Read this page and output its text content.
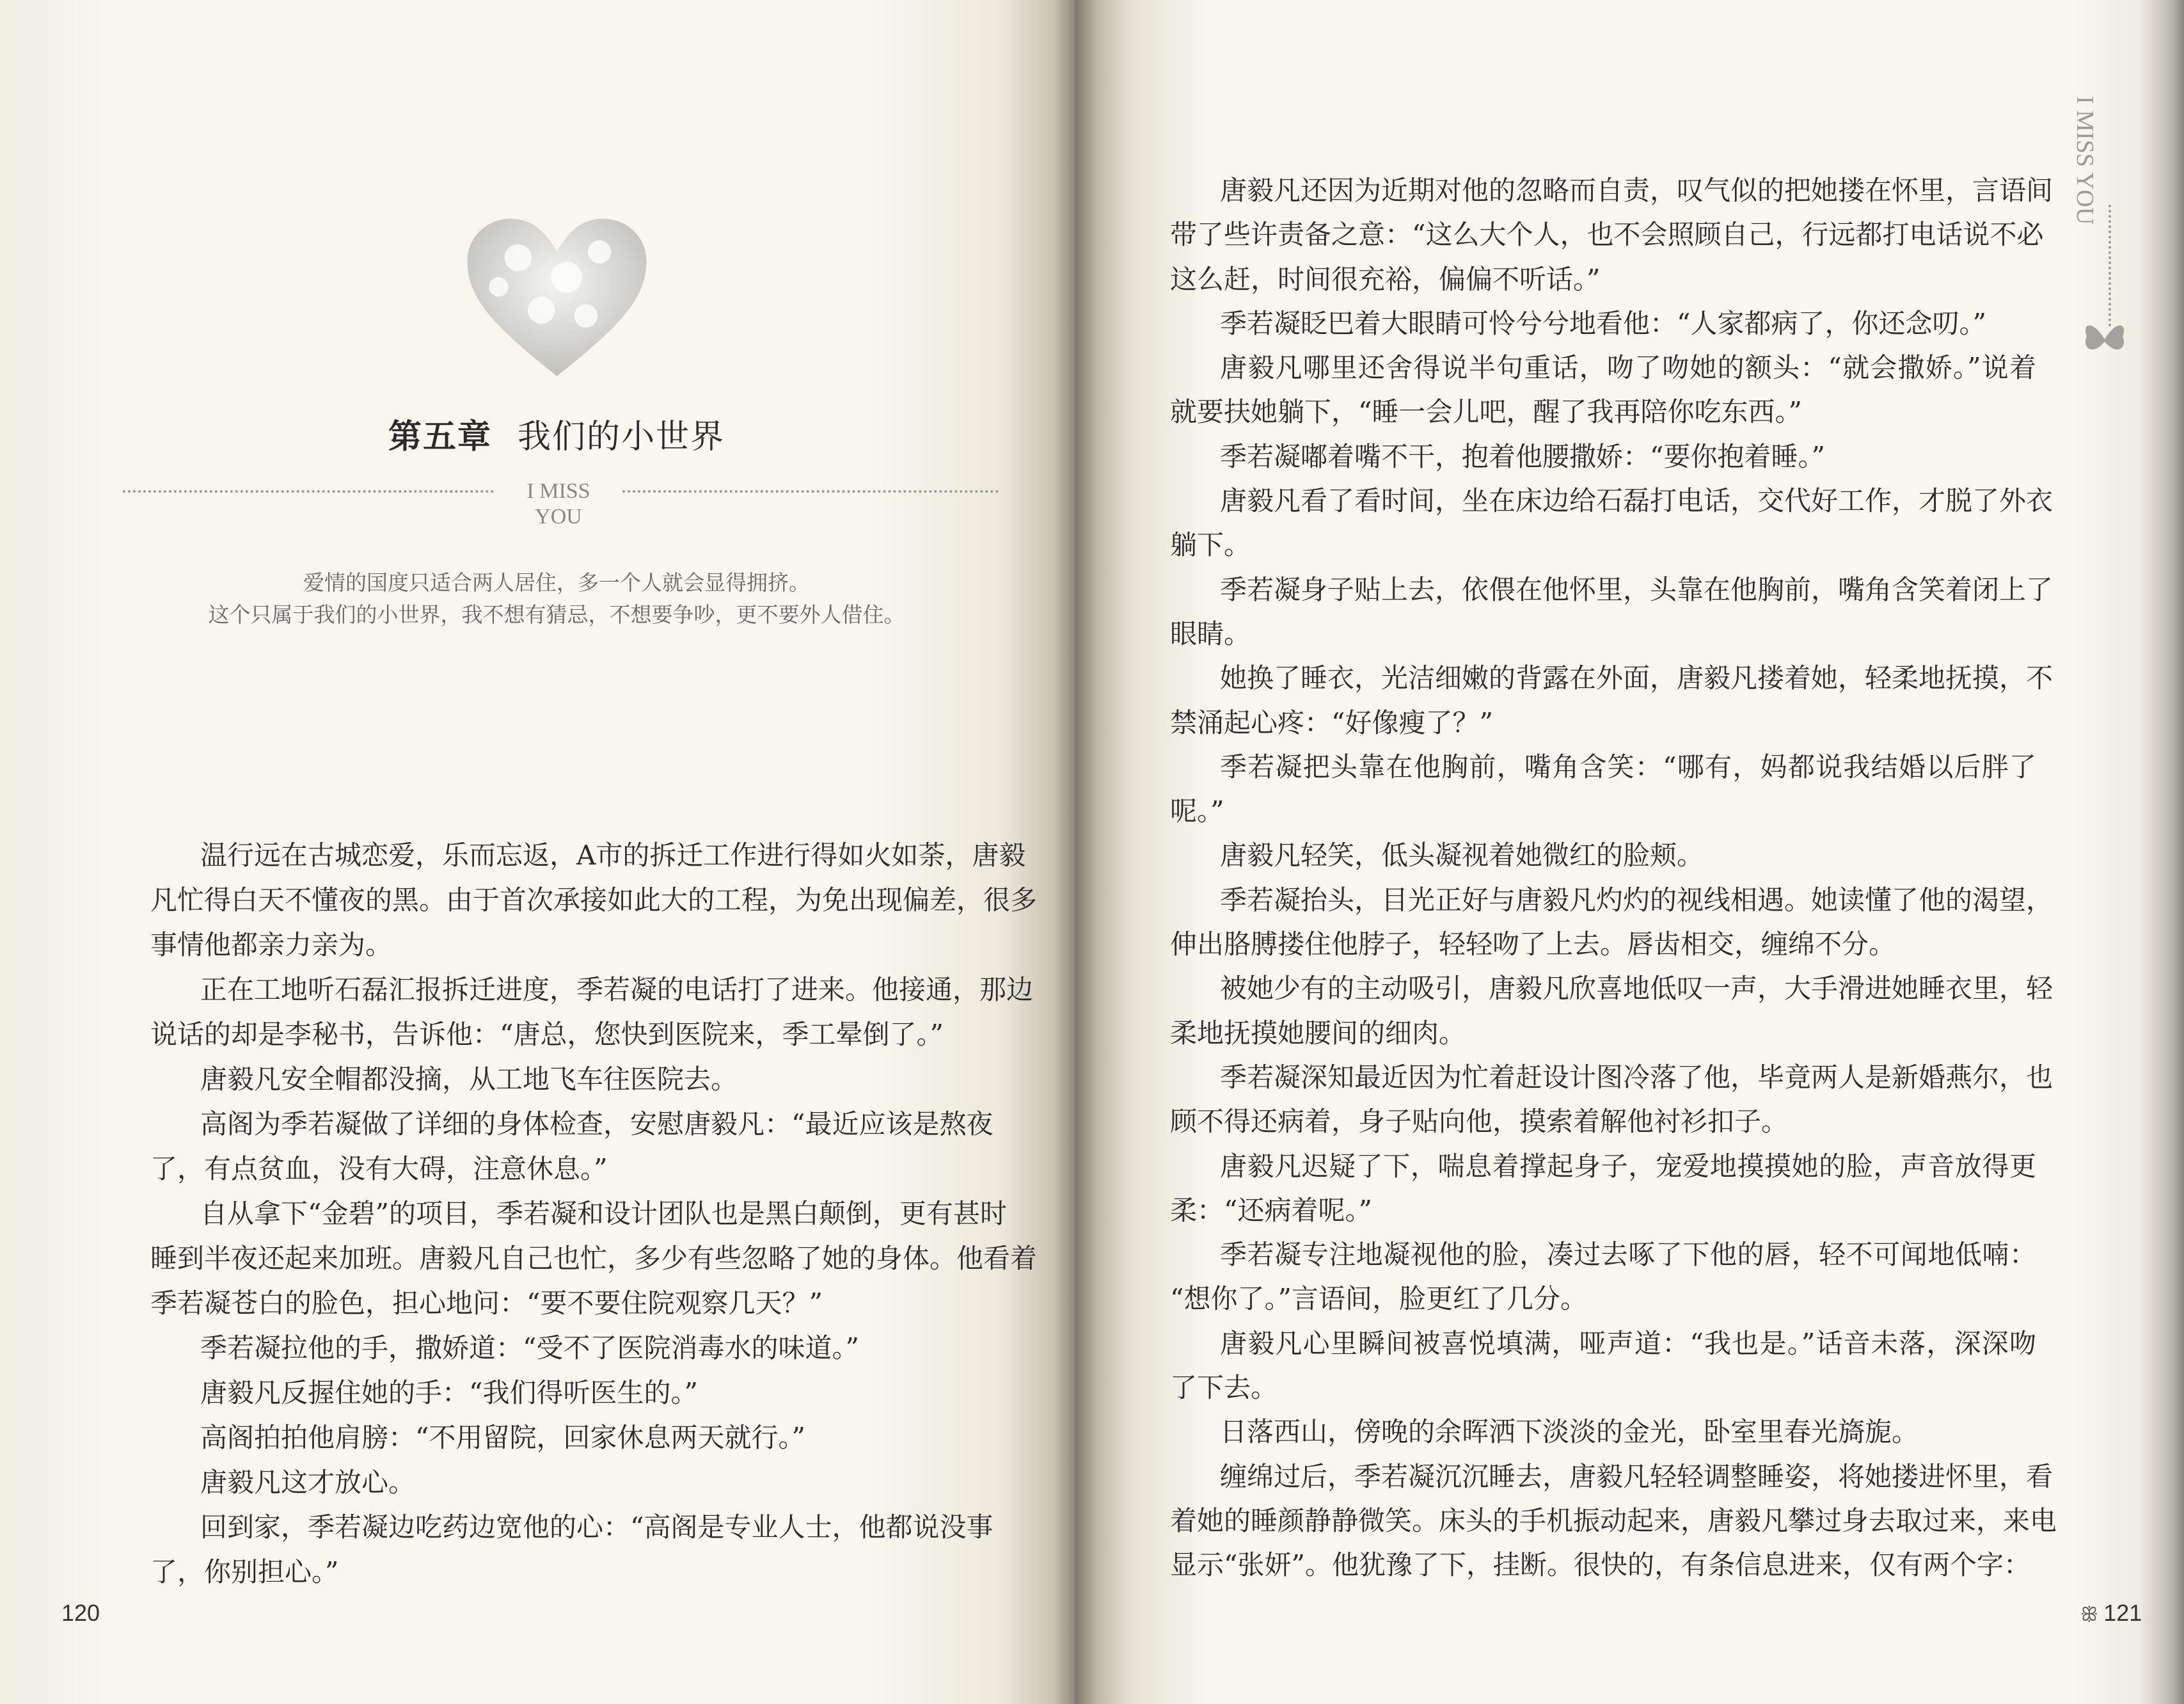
第五章 我们的小世界
I MISS
YOU
爱情的国度只适合两人居住，多一个人就会显得拥挤。
这个只属于我们的小世界，我不想有猜忌，不想要争吵，更不要外人借住。
温行远在古城恋爱，乐而忘返，A市的拆迁工作进行得如火如荼，唐毅
凡忙得白天不懂夜的黑。由于首次承接如此大的工程，为免出现偏差，很多
事情他都亲力亲为。
正在工地听石磊汇报拆迁进度，季若凝的电话打了进来。他接通，那边
说话的却是李秘书，告诉他：“唐总，您快到医院来，季工晕倒了。”
唐毅凡安全帽都没摘，从工地飞车往医院去。
高阁为季若凝做了详细的身体检查，安慰唐毅凡：“最近应该是熬夜
了，有点贫血，没有大碍，注意休息。”
自从拿下“金碧”的项目，季若凝和设计团队也是黑白颠倒，更有甚时
睡到半夜还起来加班。唐毅凡自己也忙，多少有些忽略了她的身体。他看着
季若凝苍白的脸色，担心地问：“要不要住院观察几天？”
季若凝拉他的手，撒娇道：“受不了医院消毒水的味道。”
唐毅凡反握住她的手：“我们得听医生的。”
高阁拍拍他肩膀：“不用留院，回家休息两天就行。”
唐毅凡这才放心。
回到家，季若凝边吃药边宽他的心：“高阁是专业人士，他都说没事
了，你别担心。”
唐毅凡还因为近期对他的忽略而自责，叹气似的把她搂在怀里，言语间
带了些许责备之意：“这么大个人，也不会照顾自己，行远都打电话说不必
这么赶，时间很充裕，偏偏不听话。”
季若凝眨巴着大眼睛可怜兮兮地看他：“人家都病了，你还念叨。”
唐毅凡哪里还舍得说半句重话，吻了吻她的额头：“就会撒娇。”说着
就要扶她躺下，“睡一会儿吧，醒了我再陪你吃东西。”
季若凝嘟着嘴不干，抱着他腰撒娇：“要你抱着睡。”
唐毅凡看了看时间，坐在床边给石磊打电话，交代好工作，才脱了外衣
躺下。
季若凝身子贴上去，依偎在他怀里，头靠在他胸前，嘴角含笑着闭上了
眼睛。
她换了睡衣，光洁细嫩的背露在外面，唐毅凡搂着她，轻柔地抚摸，不
禁涌起心疼：“好像瘦了？”
季若凝把头靠在他胸前，嘴角含笑：“哪有，妈都说我结婚以后胖了
呢。”
唐毅凡轻笑，低头凝视着她微红的脸颊。
季若凝抬头，目光正好与唐毅凡灼灼的视线相遇。她读懂了他的渴望，
伸出胳膊搂住他脖子，轻轻吻了上去。唇齿相交，缠绵不分。
被她少有的主动吸引，唐毅凡欣喜地低叹一声，大手滑进她睡衣里，轻
柔地抚摸她腰间的细肉。
季若凝深知最近因为忙着赶设计图冷落了他，毕竟两人是新婚燕尔，也
顾不得还病着，身子贴向他，摸索着解他衬衫扣子。
唐毅凡迟疑了下，喘息着撑起身子，宠爱地摸摸她的脸，声音放得更
柔：“还病着呢。”
季若凝专注地凝视他的脸，凑过去啄了下他的唇，轻不可闻地低喃：
“想你了。”言语间，脸更红了几分。
唐毅凡心里瞬间被喜悦填满，哑声道：“我也是。”话音未落，深深吻
了下去。
日落西山，傍晚的余晖洒下淡淡的金光，卧室里春光旖旎。
缠绵过后，季若凝沉沉睡去，唐毅凡轻轻调整睡姿，将她搂进怀里，看
着她的睡颜静静微笑。床头的手机振动起来，唐毅凡攀过身去取过来，来电
显示“张妍”。他犹豫了下，挂断。很快的，有条信息进来，仅有两个字：
120	ꕥ 121
I MISS YOU
